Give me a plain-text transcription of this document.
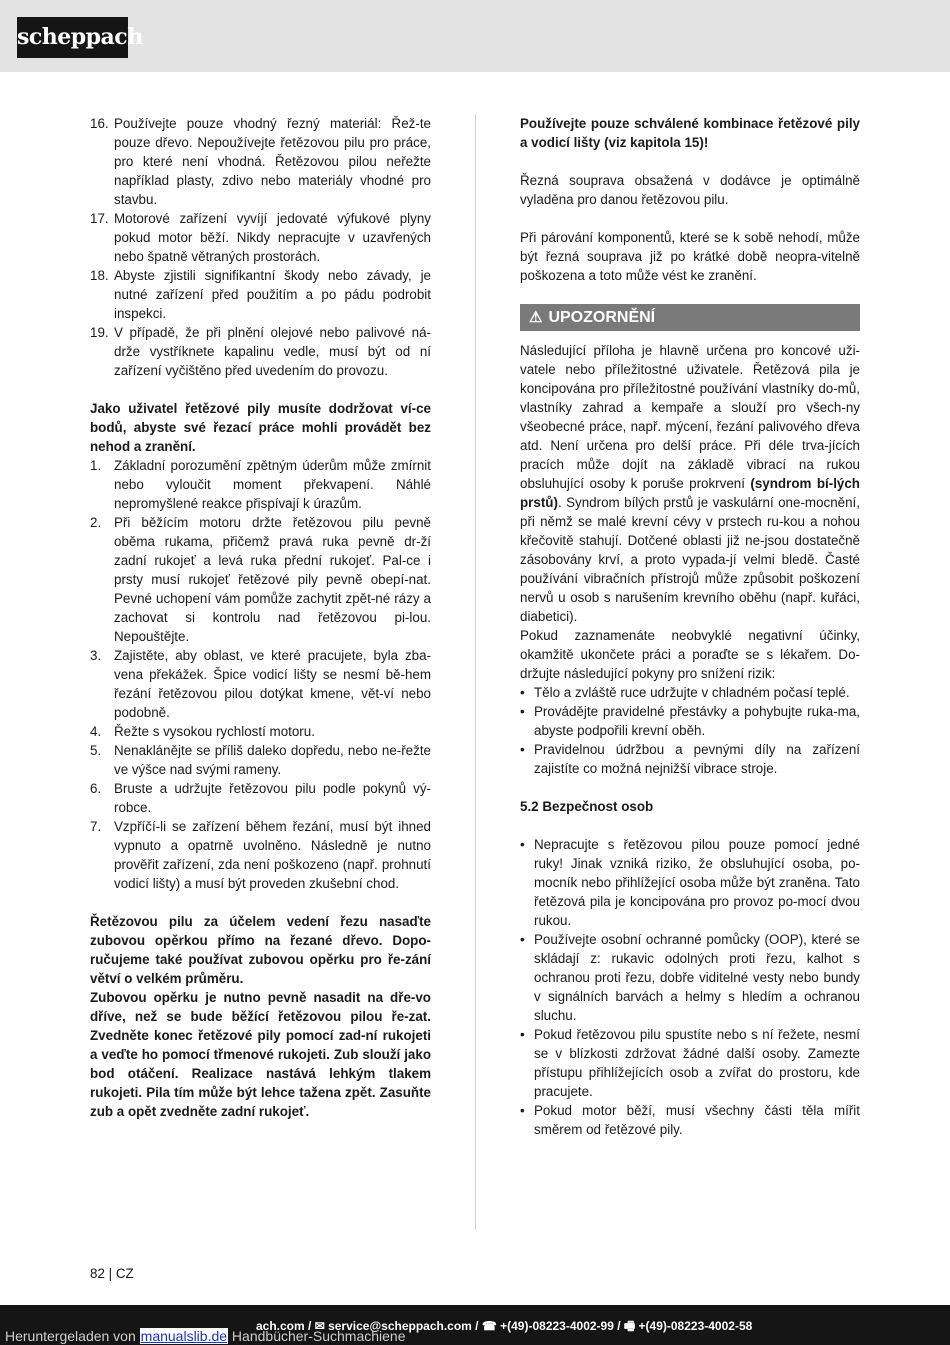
scheppach
16. Používejte pouze vhodný řezný materiál: Řež-te pouze dřevo. Nepoužívejte řetězovou pilu pro práce, pro které není vhodná. Řetězovou pilou neřežte například plasty, zdivo nebo materiály vhodné pro stavbu.
17. Motorové zařízení vyvíjí jedovaté výfukové plyny pokud motor běží. Nikdy nepracujte v uzavřených nebo špatně větraných prostorách.
18. Abyste zjistili signifikantní škody nebo závady, je nutné zařízení před použitím a po pádu podrobit inspekci.
19. V případě, že při plnění olejové nebo palivové ná-drže vystříknete kapalinu vedle, musí být od ní zařízení vyčištěno před uvedením do provozu.

Jako uživatel řetězové pily musíte dodržovat ví-ce bodů, abyste své řezací práce mohli provádět bez nehod a zranění.

1. Základní porozumění zpětným úderům může zmírnit nebo vyloučit moment překvapení. Náhlé nepromyšlené reakce přispívají k úrazům.
2. Při běžícím motoru držte řetězovou pilu pevně oběma rukama, přičemž pravá ruka pevně dr-ží zadní rukojeť a levá ruka přední rukojeť. Pal-ce i prsty musí rukojeť řetězové pily pevně obepí-nat. Pevné uchopení vám pomůže zachytit zpět-né rázy a zachovat si kontrolu nad řetězovou pi-lou. Nepouštějte.
3. Zajistěte, aby oblast, ve které pracujete, byla zba-vena překážek. Špice vodicí lišty se nesmí bě-hem řezání řetězovou pilou dotýkat kmene, vět-ví nebo podobně.
4. Řežte s vysokou rychlostí motoru.
5. Nenaklánějte se příliš daleko dopředu, nebo ne-řežte ve výšce nad svými rameny.
6. Bruste a udržujte řetězovou pilu podle pokynů vý-robce.
7. Vzpříčí-li se zařízení během řezání, musí být ihned vypnuto a opatrně uvolněno. Následně je nutno prověřit zařízení, zda není poškozeno (např. prohnutí vodicí lišty) a musí být proveden zkušební chod.

Řetězovou pilu za účelem vedení řezu nasaďte zubovou opěrkou přímo na řezané dřevo. Dopo-ručujeme také používat zubovou opěrku pro ře-zání větví o velkém průměru.

Zubovou opěrku je nutno pevně nasadit na dře-vo dříve, než se bude běžící řetězovou pilou ře-zat. Zvedněte konec řetězové pily pomocí zad-ní rukojeti a veďte ho pomocí třmenové rukojeti. Zub slouží jako bod otáčení. Realizace nastává lehkým tlakem rukojeti. Pila tím může být lehce tažena zpět. Zasuňte zub a opět zvedněte zadní rukojeť.

Používejte pouze schválené kombinace řetězové pily a vodicí lišty (viz kapitola 15)!

Řezná souprava obsažená v dodávce je optimálně vyladěna pro danou řetězovou pilu.

Při párování komponentů, které se k sobě nehodí, může být řezná souprava již po krátké době neopra-vitelně poškozena a toto může vést ke zranění.

⚠ UPOZORNĚNÍ

Následující příloha je hlavně určena pro koncové uži-vatele nebo příležitostné uživatele. Řetězová pila je koncipována pro příležitostné používání vlastníky do-mů, vlastníky zahrad a kempaře a slouží pro všech-ny všeobecné práce, např. mýcení, řezání palivového dřeva atd. Není určena pro delší práce. Při déle trva-jících pracích může dojít na základě vibrací na rukou obsluhující osoby k poruše prokrvení (syndrom bí-lých prstů). Syndrom bílých prstů je vaskulární one-mocnění, při němž se malé krevní cévy v prstech ru-kou a nohou křečovitě stahují. Dotčené oblasti již ne-jsou dostatečně zásobovány krví, a proto vypada-jí velmi bledě. Časté používání vibračních přístrojů může způsobit poškození nervů u osob s narušením krevního oběhu (např. kuřáci, diabetici).

Pokud zaznamenáte neobvyklé negativní účinky, okamžitě ukončete práci a poraďte se s lékařem. Do-držujte následující pokyny pro snížení rizik:

• Tělo a zvláště ruce udržujte v chladném počasí teplé.
• Provádějte pravidelné přestávky a pohybujte ruka-ma, abyste podpořili krevní oběh.
• Pravidelnou údržbou a pevnými díly na zařízení zajistíte co možná nejnižší vibrace stroje.

5.2 Bezpečnost osob

• Nepracujte s řetězovou pilou pouze pomocí jedné ruky! Jinak vzniká riziko, že obsluhující osoba, po-mocník nebo přihlížející osoba může být zraněna. Tato řetězová pila je koncipována pro provoz po-mocí dvou rukou.
• Používejte osobní ochranné pomůcky (OOP), které se skládají z: rukavic odolných proti řezu, kalhot s ochranou proti řezu, dobře viditelné vesty nebo bundy v signálních barvách a helmy s hledím a ochranou sluchu.
• Pokud řetězovou pilu spustíte nebo s ní řežete, nesmí se v blízkosti zdržovat žádné další osoby. Zamezte přístupu přihlížejících osob a zvířat do prostoru, kde pracujete.
• Pokud motor běží, musí všechny části těla mířit směrem od řetězové pily.
82 | CZ
ach.com / ✉ service@scheppach.com / ☎ +(49)-08223-4002-99 / 🖷 +(49)-08223-4002-58
Heruntergeladen von manualslib.de Handbücher-Suchmachiene
